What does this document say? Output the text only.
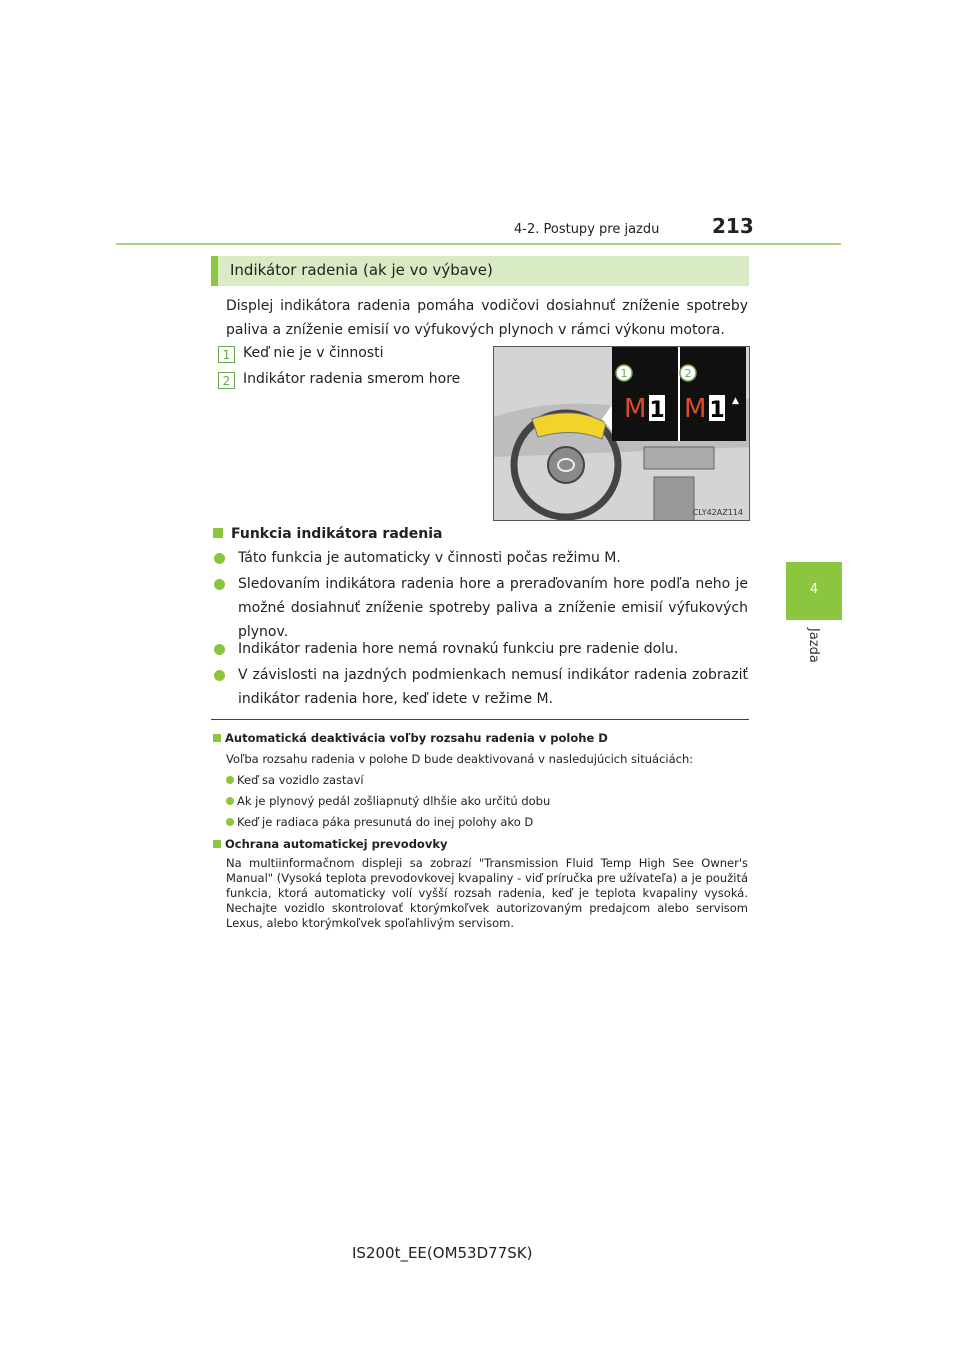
4-2. Postupy pre jazdu	213
4
Jazda
Indikátor radenia (ak je vo výbave)
Displej indikátora radenia pomáha vodičovi dosiahnuť zníženie spotreby paliva a zníženie emisií vo výfukových plynoch v rámci výkonu motora.
1 Keď nie je v činnosti
2 Indikátor radenia smerom hore	1	2
M 1 M 1 ▲
CLY42AZ114
Funkcia indikátora radenia
Táto funkcia je automaticky v činnosti počas režimu M.
Sledovaním indikátora radenia hore a preraďovaním hore podľa neho je možné dosiahnuť zníženie spotreby paliva a zníženie emisií výfukových plynov.
Indikátor radenia hore nemá rovnakú funkciu pre radenie dolu.
V závislosti na jazdných podmienkach nemusí indikátor radenia zobraziť indikátor radenia hore, keď idete v režime M.
Automatická deaktivácia voľby rozsahu radenia v polohe D
Voľba rozsahu radenia v polohe D bude deaktivovaná v nasledujúcich situáciách:
Keď sa vozidlo zastaví
Ak je plynový pedál zošliapnutý dlhšie ako určitú dobu
Keď je radiaca páka presunutá do inej polohy ako D
Ochrana automatickej prevodovky
Na multiinformačnom displeji sa zobrazí "Transmission Fluid Temp High See Owner's Manual" (Vysoká teplota prevodovkovej kvapaliny - viď príručka pre užívateľa) a je použitá funkcia, ktorá automaticky volí vyšší rozsah radenia, keď je teplota kvapaliny vysoká. Nechajte vozidlo skontrolovať ktorýmkoľvek autorizovaným predajcom alebo servisom Lexus, alebo ktorýmkoľvek spoľahlivým servisom.
IS200t_EE(OM53D77SK)
